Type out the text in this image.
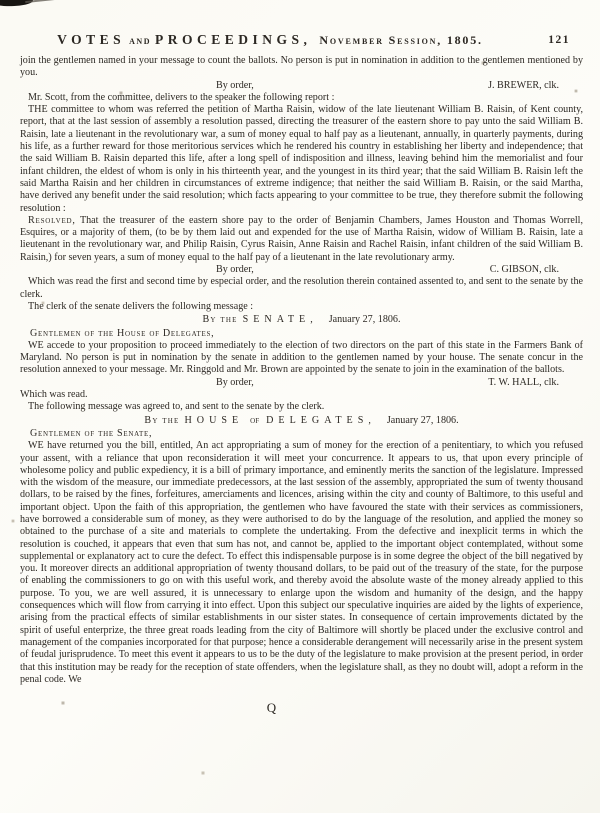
VOTES and PROCEEDINGS, November Session, 1805.	121

join the gentlemen named in your message to count the ballots. No person is put in nomination in addition to the gentlemen mentioned by you.

By order,	J. BREWER, clk.

Mr. Scott, from the committee, delivers to the speaker the following report :

THE committee to whom was referred the petition of Martha Raisin, widow of the late lieutenant William B. Raisin, of Kent county, report, that at the last session of assembly a resolution passed, directing the treasurer of the eastern shore to pay unto the said William B. Raisin, late a lieutenant in the revolutionary war, a sum of money equal to half pay as a lieutenant, annually, in quarterly payments, during his life, as a further reward for those meritorious services which he rendered his country in establishing her liberty and independence; that the said William B. Raisin departed this life, after a long spell of indisposition and illness, leaving behind him the memorialist and four infant children, the eldest of whom is only in his thirteenth year, and the youngest in its third year; that the said William B. Raisin left the said Martha Raisin and her children in circumstances of extreme indigence; that neither the said William B. Raisin, or the said Martha, have derived any benefit under the said resolution; which facts appearing to your committee to be true, they therefore submit the following resolution :

Resolved, That the treasurer of the eastern shore pay to the order of Benjamin Chambers, James Houston and Thomas Worrell, Esquires, or a majority of them, (to be by them laid out and expended for the use of Martha Raisin, widow of William B. Raisin, late a lieutenant in the revolutionary war, and Philip Raisin, Cyrus Raisin, Anne Raisin and Rachel Raisin, infant children of the said William B. Raisin,) for seven years, a sum of money equal to the half pay of a lieutenant in the late revolutionary army.

By order,	C. GIBSON, clk.

Which was read the first and second time by especial order, and the resolution therein contained assented to, and sent to the senate by the clerk.

The clerk of the senate delivers the following message :

By the SENATE, January 27, 1806.

Gentlemen of the House of Delegates,

WE accede to your proposition to proceed immediately to the election of two directors on the part of this state in the Farmers Bank of Maryland. No person is put in nomination by the senate in addition to the gentlemen named by your house. The senate concur in the resolution annexed to your message. Mr. Ringgold and Mr. Brown are appointed by the senate to join in the examination of the ballots.

By order,	T. W. HALL, clk.

Which was read.

The following message was agreed to, and sent to the senate by the clerk.

By the HOUSE of DELEGATES, January 27, 1806.

Gentlemen of the Senate,

WE have returned you the bill, entitled, An act appropriating a sum of money for the erection of a penitentiary, to which you refused your assent, with a reliance that upon reconsideration it will meet your concurrence. It appears to us, that upon every principle of wholesome policy and public expediency, it is a bill of primary importance, and eminently merits the sanction of the legislature. Impressed with the wisdom of the measure, our immediate predecessors, at the last session of the assembly, appropriated the sum of twenty thousand dollars, to be raised by the fines, forfeitures, amerciaments and licences, arising within the city and county of Baltimore, to this useful and important object. Upon the faith of this appropriation, the gentlemen who have favoured the state with their services as commissioners, have borrowed a considerable sum of money, as they were authorised to do by the language of the resolution, and applied the money so obtained to the purchase of a site and materials to complete the undertaking. From the defective and inexplicit terms in which the resolution is couched, it appears that even that sum has not, and cannot be, applied to the important object contemplated, without some supplemental or explanatory act to cure the defect. To effect this indispensable purpose is in some degree the object of the bill negatived by you. It moreover directs an additional appropriation of twenty thousand dollars, to be paid out of the treasury of the state, for the purpose of enabling the commissioners to go on with this useful work, and thereby avoid the absolute waste of the money already applied to this purpose. To you, we are well assured, it is unnecessary to enlarge upon the wisdom and humanity of the design, and the happy consequences which will flow from carrying it into effect. Upon this subject our speculative inquiries are aided by the lights of experience, arising from the practical effects of similar establishments in our sister states. In consequence of certain improvements dictated by the spirit of useful enterprize, the three great roads leading from the city of Baltimore will shortly be placed under the exclusive control and management of the companies incorporated for that purpose; hence a considerable derangement will necessarily arise in the present system of feudal jurisprudence. To meet this event it appears to us to be the duty of the legislature to make provision at the present period, in order that this institution may be ready for the reception of state offenders, when the legislature shall, as they no doubt will, adopt a reform in the penal code. We

Q
